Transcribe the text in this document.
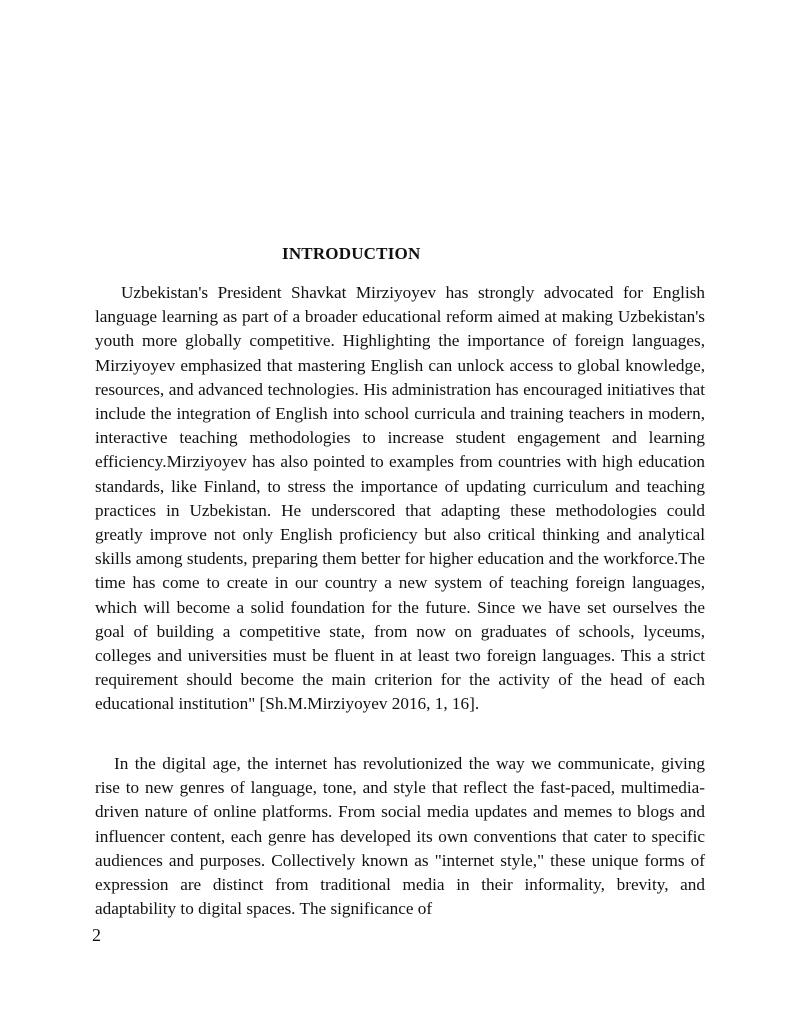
INTRODUCTION

Uzbekistan's President Shavkat Mirziyoyev has strongly advocated for English language learning as part of a broader educational reform aimed at making Uzbekistan's youth more globally competitive. Highlighting the importance of foreign languages, Mirziyoyev emphasized that mastering English can unlock access to global knowledge, resources, and advanced technologies. His administration has encouraged initiatives that include the integration of English into school curricula and training teachers in modern, interactive teaching methodologies to increase student engagement and learning efficiency.Mirziyoyev has also pointed to examples from countries with high education standards, like Finland, to stress the importance of updating curriculum and teaching practices in Uzbekistan. He underscored that adapting these methodologies could greatly improve not only English proficiency but also critical thinking and analytical skills among students, preparing them better for higher education and the workforce.The time has come to create in our country a new system of teaching foreign languages, which will become a solid foundation for the future. Since we have set ourselves the goal of building a competitive state, from now on graduates of schools, lyceums, colleges and universities must be fluent in at least two foreign languages. This a strict requirement should become the main criterion for the activity of the head of each educational institution" [Sh.M.Mirziyoyev 2016, 1, 16].

In the digital age, the internet has revolutionized the way we communicate, giving rise to new genres of language, tone, and style that reflect the fast-paced, multimedia-driven nature of online platforms. From social media updates and memes to blogs and influencer content, each genre has developed its own conventions that cater to specific audiences and purposes. Collectively known as "internet style," these unique forms of expression are distinct from traditional media in their informality, brevity, and adaptability to digital spaces. The significance of

2
